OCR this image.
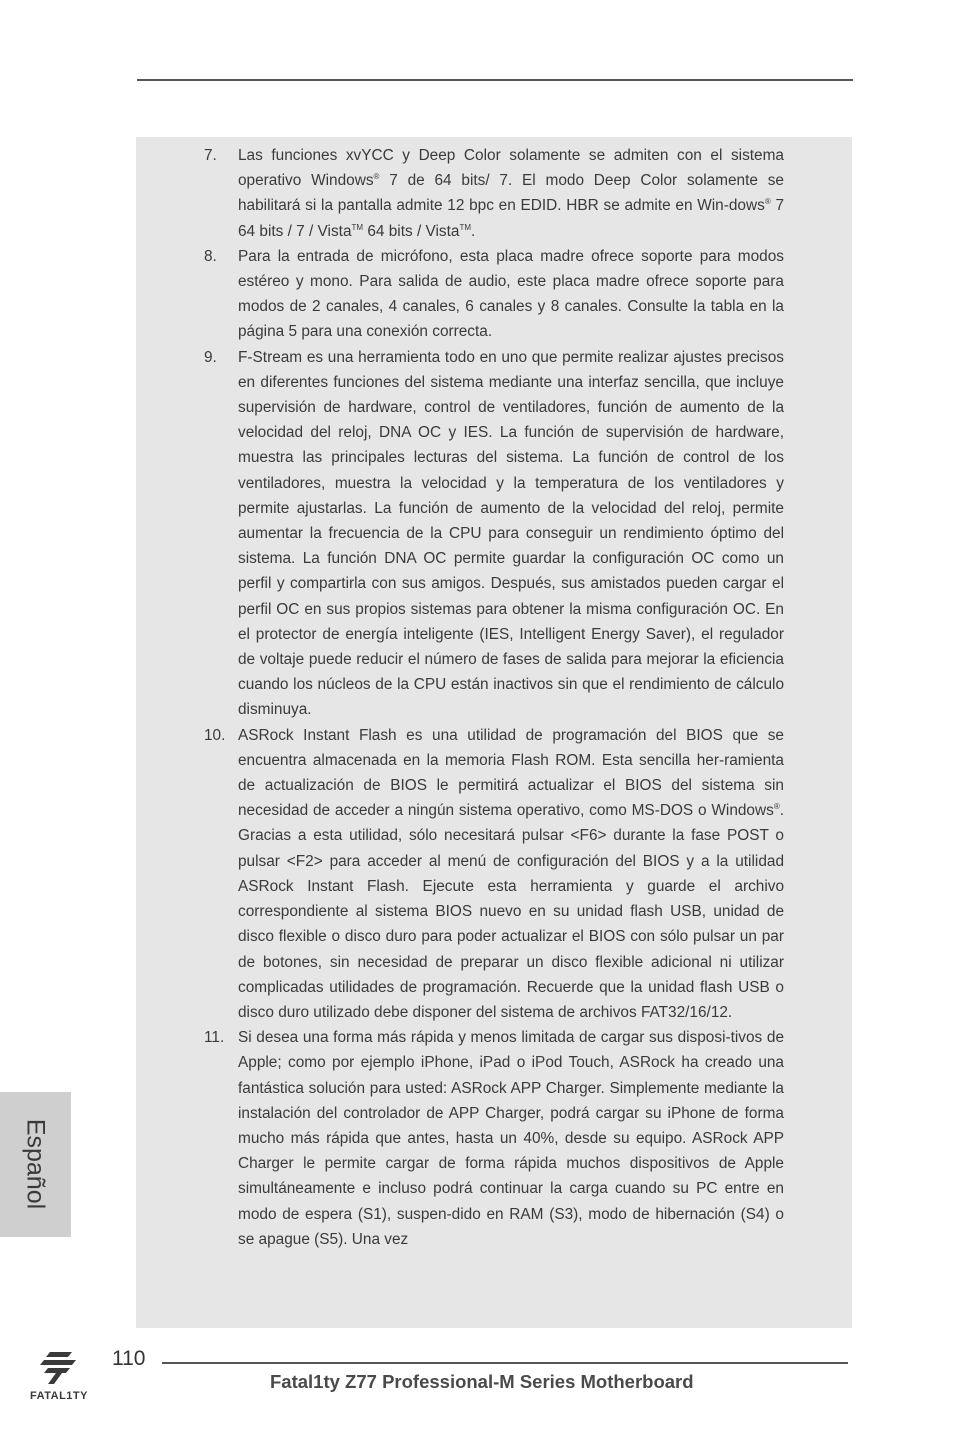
7. Las funciones xvYCC y Deep Color solamente se admiten con el sistema operativo Windows® 7 de 64 bits/ 7. El modo Deep Color solamente se habilitará si la pantalla admite 12 bpc en EDID. HBR se admite en Win-dows® 7 64 bits / 7 / Vista™ 64 bits / Vista™.
8. Para la entrada de micrófono, esta placa madre ofrece soporte para modos estéreo y mono. Para salida de audio, este placa madre ofrece soporte para modos de 2 canales, 4 canales, 6 canales y 8 canales. Consulte la tabla en la página 5 para una conexión correcta.
9. F-Stream es una herramienta todo en uno que permite realizar ajustes precisos en diferentes funciones del sistema mediante una interfaz sencilla, que incluye supervisión de hardware, control de ventiladores, función de aumento de la velocidad del reloj, DNA OC y IES. La función de supervisión de hardware, muestra las principales lecturas del sistema. La función de control de los ventiladores, muestra la velocidad y la temperatura de los ventiladores y permite ajustarlas. La función de aumento de la velocidad del reloj, permite aumentar la frecuencia de la CPU para conseguir un rendimiento óptimo del sistema. La función DNA OC permite guardar la configuración OC como un perfil y compartirla con sus amigos. Después, sus amistados pueden cargar el perfil OC en sus propios sistemas para obtener la misma configuración OC. En el protector de energía inteligente (IES, Intelligent Energy Saver), el regulador de voltaje puede reducir el número de fases de salida para mejorar la eficiencia cuando los núcleos de la CPU están inactivos sin que el rendimiento de cálculo disminuya.
10. ASRock Instant Flash es una utilidad de programación del BIOS que se encuentra almacenada en la memoria Flash ROM. Esta sencilla her-ramienta de actualización de BIOS le permitirá actualizar el BIOS del sistema sin necesidad de acceder a ningún sistema operativo, como MS-DOS o Windows®. Gracias a esta utilidad, sólo necesitará pulsar <F6> durante la fase POST o pulsar <F2> para acceder al menú de configuración del BIOS y a la utilidad ASRock Instant Flash. Ejecute esta herramienta y guarde el archivo correspondiente al sistema BIOS nuevo en su unidad flash USB, unidad de disco flexible o disco duro para poder actualizar el BIOS con sólo pulsar un par de botones, sin necesidad de preparar un disco flexible adicional ni utilizar complicadas utilidades de programación. Recuerde que la unidad flash USB o disco duro utilizado debe disponer del sistema de archivos FAT32/16/12.
11. Si desea una forma más rápida y menos limitada de cargar sus disposi-tivos de Apple; como por ejemplo iPhone, iPad o iPod Touch, ASRock ha creado una fantástica solución para usted: ASRock APP Charger. Simplemente mediante la instalación del controlador de APP Charger, podrá cargar su iPhone de forma mucho más rápida que antes, hasta un 40%, desde su equipo. ASRock APP Charger le permite cargar de forma rápida muchos dispositivos de Apple simultáneamente e incluso podrá continuar la carga cuando su PC entre en modo de espera (S1), suspen-dido en RAM (S3), modo de hibernación (S4) o se apague (S5). Una vez
Español
FATAL1TY
110
Fatal1ty Z77 Professional-M Series Motherboard
